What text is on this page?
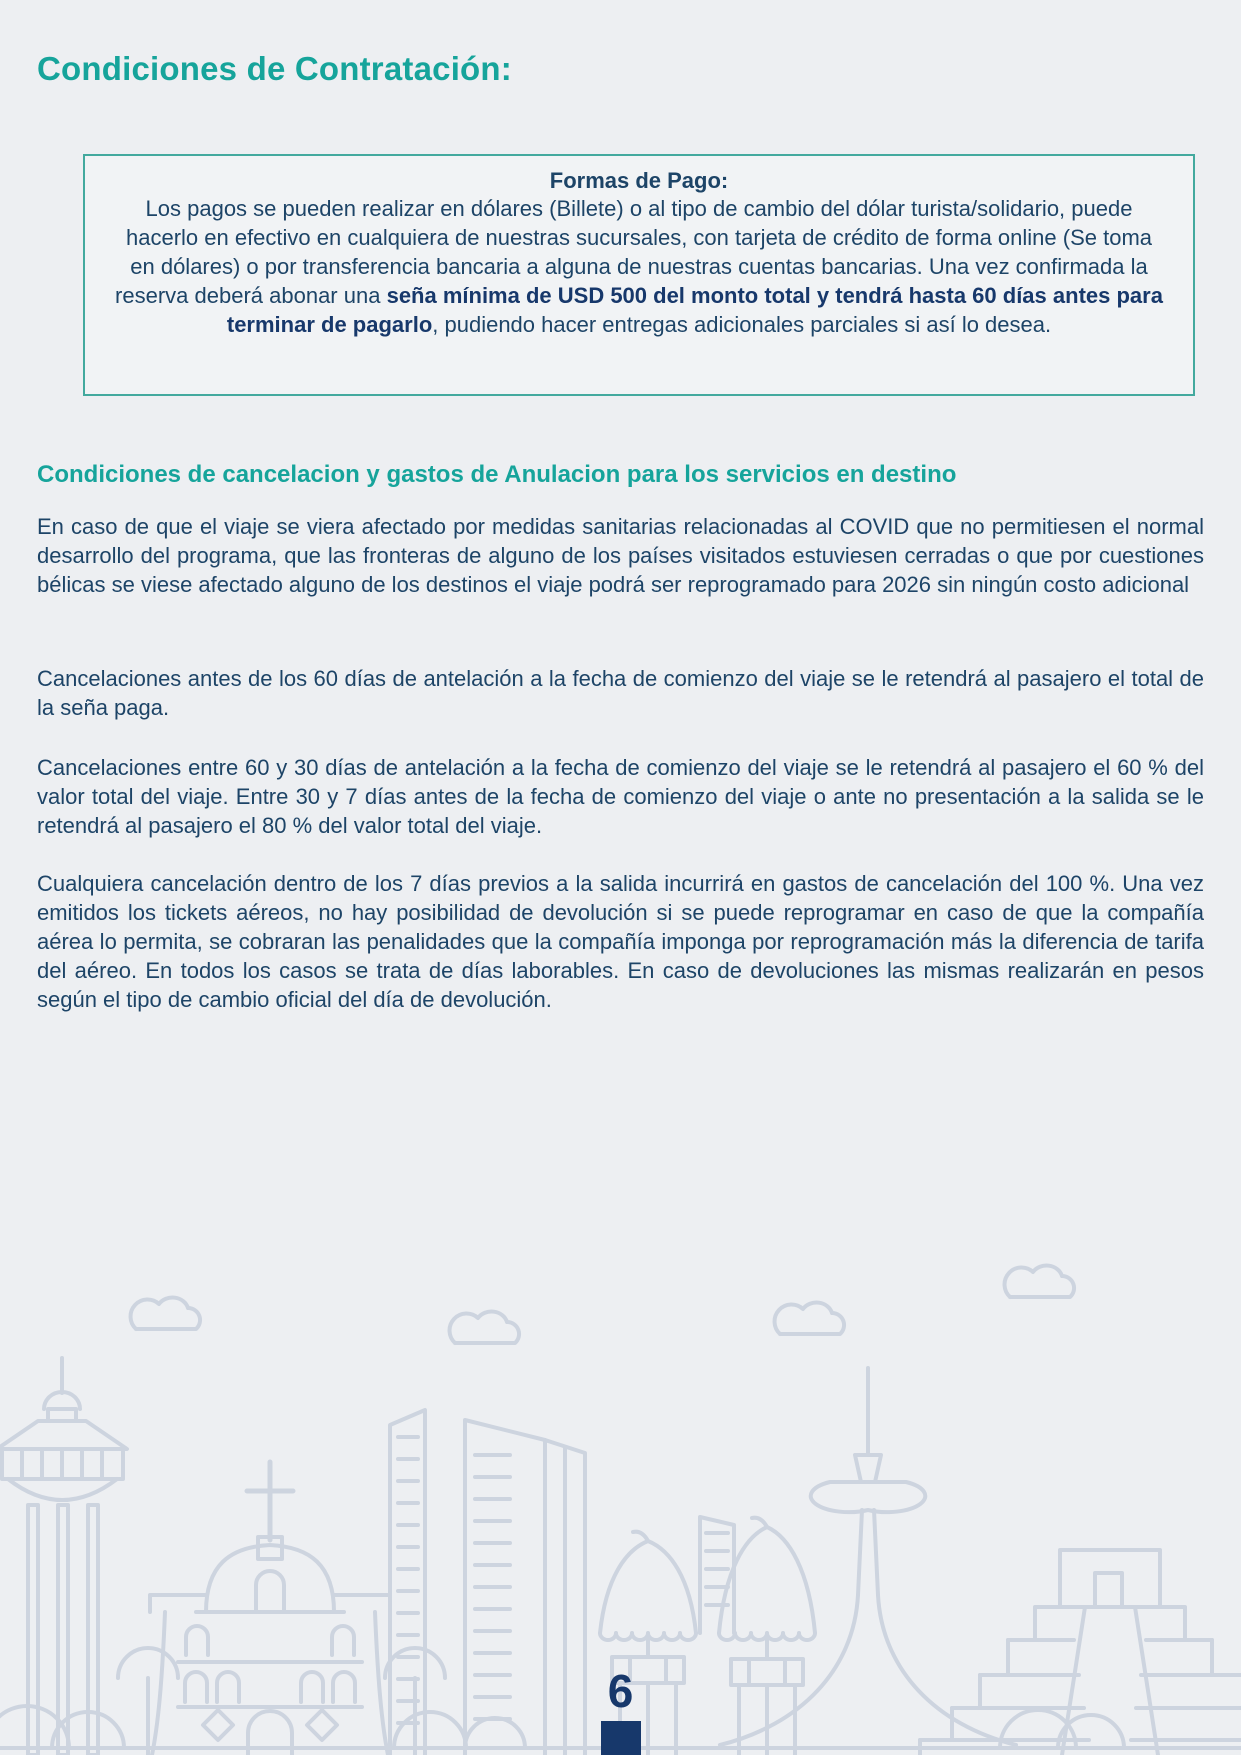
Condiciones de Contratación:
Formas de Pago:

Los pagos se pueden realizar en dólares (Billete) o al tipo de cambio del dólar turista/solidario, puede hacerlo en efectivo en cualquiera de nuestras sucursales, con tarjeta de crédito de forma online (Se toma en dólares) o por transferencia bancaria a alguna de nuestras cuentas bancarias. Una vez confirmada la reserva deberá abonar una seña mínima de USD 500 del monto total y tendrá hasta 60 días antes para terminar de pagarlo, pudiendo hacer entregas adicionales parciales si así lo desea.

Condiciones de cancelacion y gastos de Anulacion para los servicios en destino

En caso de que el viaje se viera afectado por medidas sanitarias relacionadas al COVID que no permitiesen el normal desarrollo del programa, que las fronteras de alguno de los países visitados estuviesen cerradas o que por cuestiones bélicas se viese afectado alguno de los destinos el viaje podrá ser reprogramado para 2026 sin ningún costo adicional

Cancelaciones antes de los 60 días de antelación a la fecha de comienzo del viaje se le retendrá al pasajero el total de la seña paga.

Cancelaciones entre 60 y 30 días de antelación a la fecha de comienzo del viaje se le retendrá al pasajero el 60 % del valor total del viaje. Entre 30 y 7 días antes de la fecha de comienzo del viaje o ante no presentación a la salida se le retendrá al pasajero el 80 % del valor total del viaje.

Cualquiera cancelación dentro de los 7 días previos a la salida incurrirá en gastos de cancelación del 100 %. Una vez emitidos los tickets aéreos, no hay posibilidad de devolución si se puede reprogramar en caso de que la compañía aérea lo permita, se cobraran las penalidades que la compañía imponga por reprogramación más la diferencia de tarifa del aéreo. En todos los casos se trata de días laborables. En caso de devoluciones las mismas realizarán en pesos según el tipo de cambio oficial del día de devolución.

6
